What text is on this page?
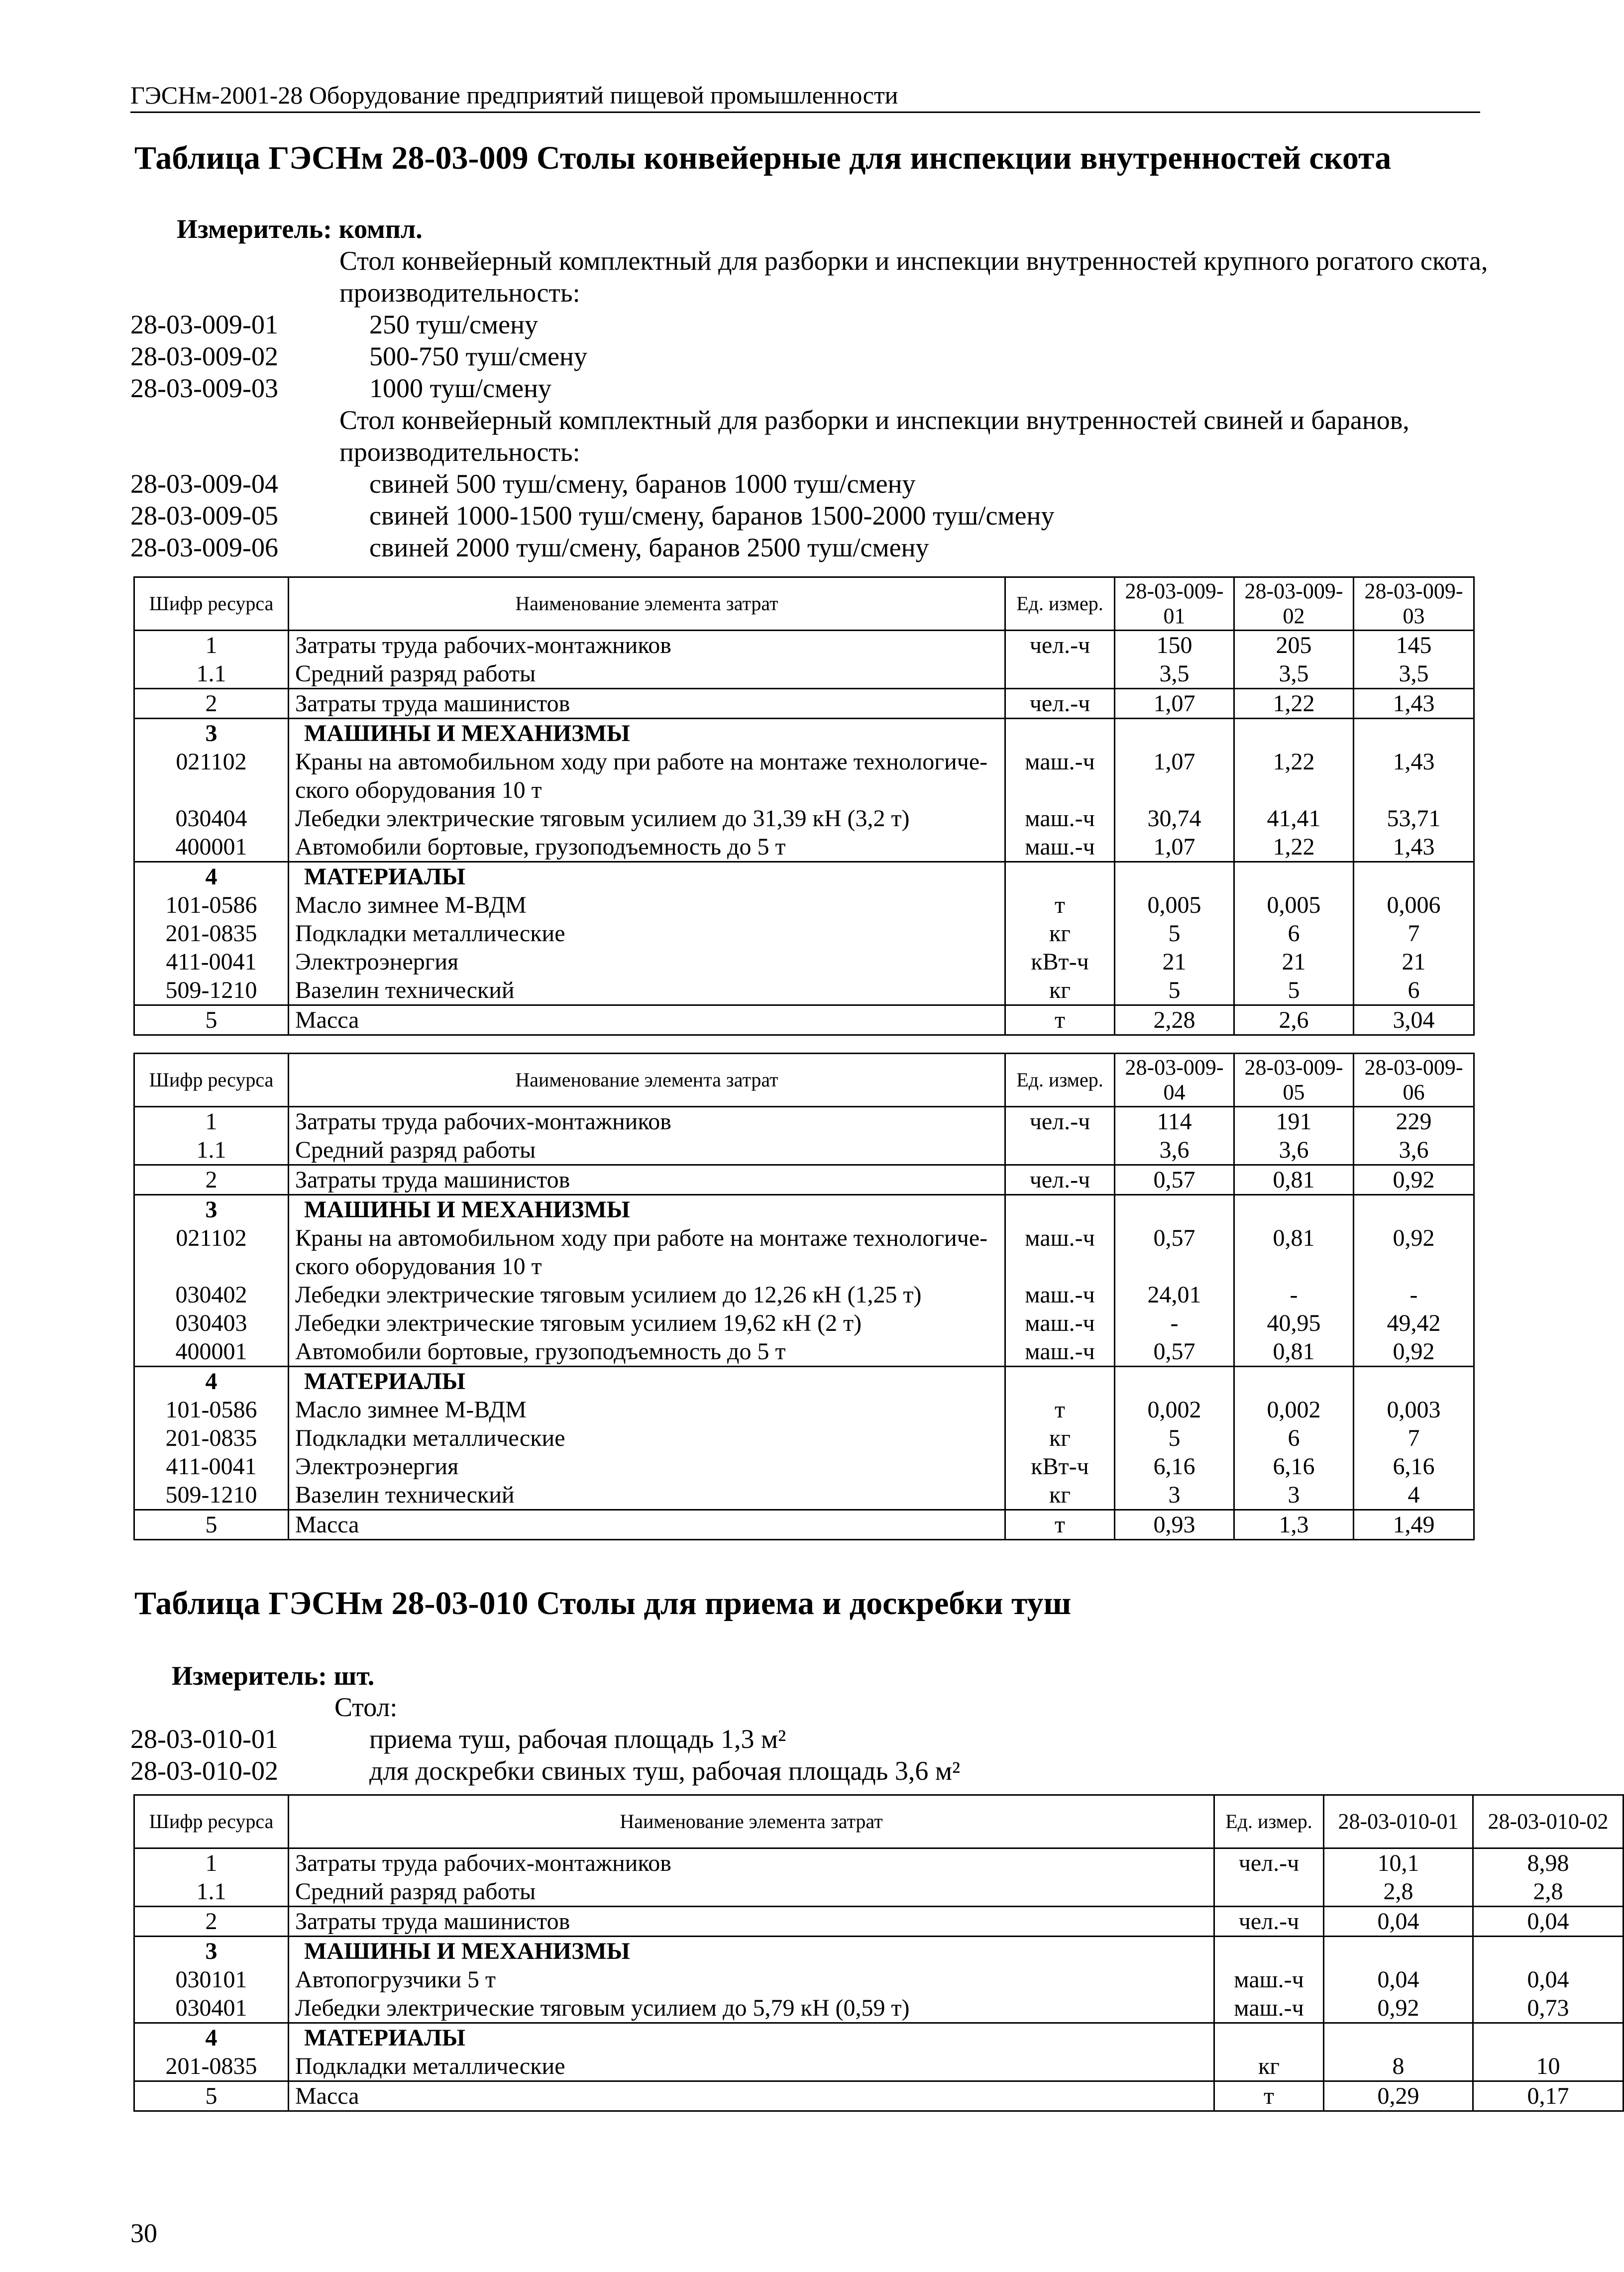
ГЭСНм-2001-28 Оборудование предприятий пищевой промышленности
Таблица ГЭСНм 28-03-009 Столы конвейерные для инспекции внутренностей скота
Измеритель: компл.
Стол конвейерный комплектный для разборки и инспекции внутренностей крупного рогатого скота, производительность:
28-03-009-01	250 туш/смену
28-03-009-02	500-750 туш/смену
28-03-009-03	1000 туш/смену
Стол конвейерный комплектный для разборки и инспекции внутренностей свиней и баранов, производительность:
28-03-009-04	свиней 500 туш/смену, баранов 1000 туш/смену
28-03-009-05	свиней 1000-1500 туш/смену, баранов 1500-2000 туш/смену
28-03-009-06	свиней 2000 туш/смену, баранов 2500 туш/смену
Шифр ресурса	Наименование элемента затрат	Ед. измер.	28-03-009-01	28-03-009-02	28-03-009-03
1	Затраты труда рабочих-монтажников	чел.-ч	150	205	145
1.1	Средний разряд работы		3,5	3,5	3,5
2	Затраты труда машинистов	чел.-ч	1,07	1,22	1,43
3	МАШИНЫ И МЕХАНИЗМЫ				
021102	Краны на автомобильном ходу при работе на монтаже технологиче-ского оборудования 10 т	маш.-ч	1,07	1,22	1,43
030404	Лебедки электрические тяговым усилием до 31,39 кН (3,2 т)	маш.-ч	30,74	41,41	53,71
400001	Автомобили бортовые, грузоподъемность до 5 т	маш.-ч	1,07	1,22	1,43
4	МАТЕРИАЛЫ				
101-0586	Масло зимнее М-ВДМ	т	0,005	0,005	0,006
201-0835	Подкладки металлические	кг	5	6	7
411-0041	Электроэнергия	кВт-ч	21	21	21
509-1210	Вазелин технический	кг	5	5	6
5	Масса	т	2,28	2,6	3,04
Шифр ресурса	Наименование элемента затрат	Ед. измер.	28-03-009-04	28-03-009-05	28-03-009-06
1	Затраты труда рабочих-монтажников	чел.-ч	114	191	229
1.1	Средний разряд работы		3,6	3,6	3,6
2	Затраты труда машинистов	чел.-ч	0,57	0,81	0,92
3	МАШИНЫ И МЕХАНИЗМЫ				
021102	Краны на автомобильном ходу при работе на монтаже технологиче-ского оборудования 10 т	маш.-ч	0,57	0,81	0,92
030402	Лебедки электрические тяговым усилием до 12,26 кН (1,25 т)	маш.-ч	24,01	-	-
030403	Лебедки электрические тяговым усилием 19,62 кН (2 т)	маш.-ч	-	40,95	49,42
400001	Автомобили бортовые, грузоподъемность до 5 т	маш.-ч	0,57	0,81	0,92
4	МАТЕРИАЛЫ				
101-0586	Масло зимнее М-ВДМ	т	0,002	0,002	0,003
201-0835	Подкладки металлические	кг	5	6	7
411-0041	Электроэнергия	кВт-ч	6,16	6,16	6,16
509-1210	Вазелин технический	кг	3	3	4
5	Масса	т	0,93	1,3	1,49
Таблица ГЭСНм 28-03-010 Столы для приема и доскребки туш
Измеритель: шт.
Стол:
28-03-010-01	приема туш, рабочая площадь 1,3 м²
28-03-010-02	для доскребки свиных туш, рабочая площадь 3,6 м²
Шифр ресурса	Наименование элемента затрат	Ед. измер.	28-03-010-01	28-03-010-02
1	Затраты труда рабочих-монтажников	чел.-ч	10,1	8,98
1.1	Средний разряд работы		2,8	2,8
2	Затраты труда машинистов	чел.-ч	0,04	0,04
3	МАШИНЫ И МЕХАНИЗМЫ			
030101	Автопогрузчики 5 т	маш.-ч	0,04	0,04
030401	Лебедки электрические тяговым усилием до 5,79 кН (0,59 т)	маш.-ч	0,92	0,73
4	МАТЕРИАЛЫ			
201-0835	Подкладки металлические	кг	8	10
5	Масса	т	0,29	0,17
30
